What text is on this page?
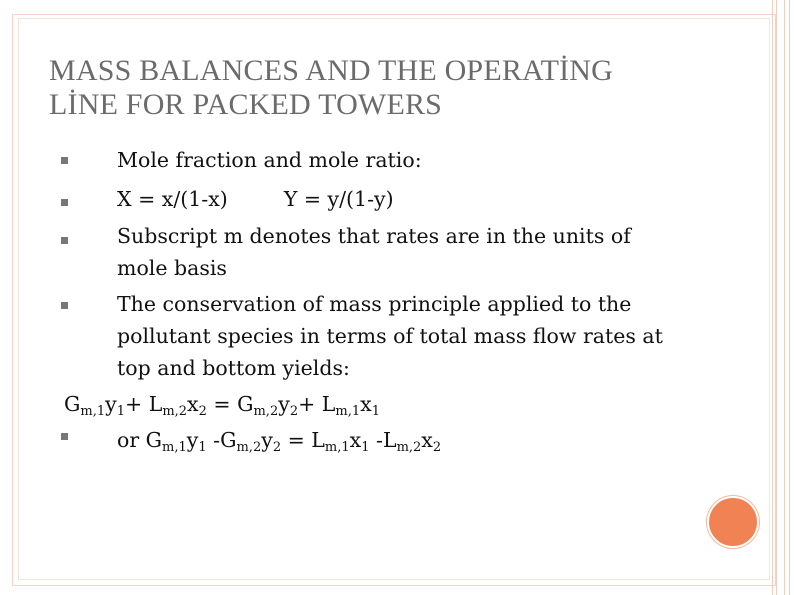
MASS BALANCES AND THE OPERATİNG
LİNE FOR PACKED TOWERS
Mole fraction and mole ratio:
X = x/(1-x)	Y = y/(1-y)
Subscript m denotes that rates are in the units of
mole basis
The conservation of mass principle applied to the
pollutant species in terms of total mass flow rates at
top and bottom yields:
$G_{m,1}y_1+ L_{m,2}x_2 = G_{m,2}y_2+ L_{m,1}x_1$
or $G_{m,1}y_1$ $-G_{m,2}y_2 = L_{m,1}x_1$ $-L_{m,2}x_2$
